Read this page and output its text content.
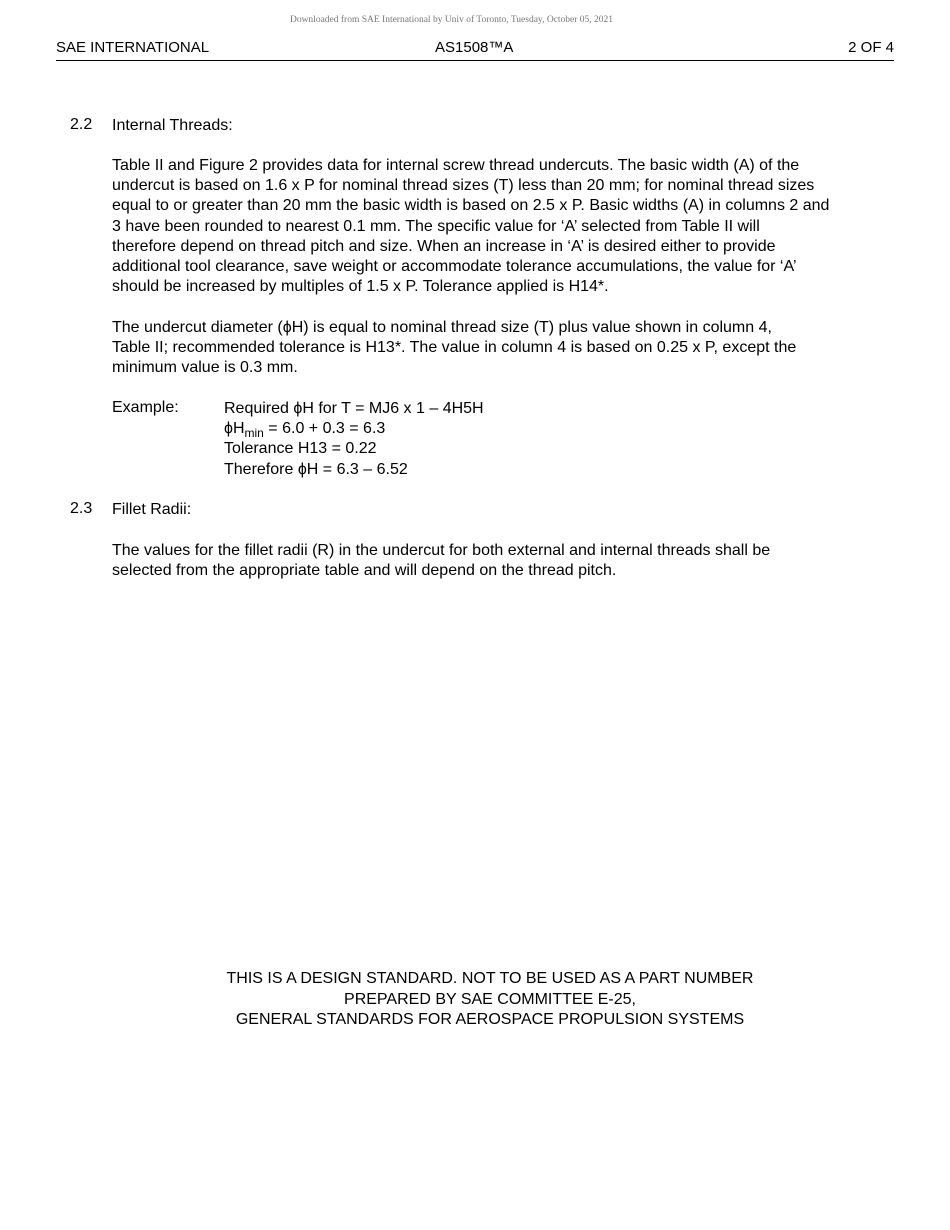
Downloaded from SAE International by Univ of Toronto, Tuesday, October 05, 2021
SAE INTERNATIONAL	AS1508™A	2 OF 4
2.2 Internal Threads:
Table II and Figure 2 provides data for internal screw thread undercuts. The basic width (A) of the
undercut is based on 1.6 x P for nominal thread sizes (T) less than 20 mm; for nominal thread sizes
equal to or greater than 20 mm the basic width is based on 2.5 x P. Basic widths (A) in columns 2 and
3 have been rounded to nearest 0.1 mm. The specific value for ‘A’ selected from Table II will
therefore depend on thread pitch and size. When an increase in ‘A’ is desired either to provide
additional tool clearance, save weight or accommodate tolerance accumulations, the value for ‘A’
should be increased by multiples of 1.5 x P. Tolerance applied is H14*.
The undercut diameter (ϕH) is equal to nominal thread size (T) plus value shown in column 4,
Table II; recommended tolerance is H13*. The value in column 4 is based on 0.25 x P, except the
minimum value is 0.3 mm.
Example:	Required ϕH for T = MJ6 x 1 – 4H5H
$\phi H_{min} = 6.0 + 0.3 = 6.3$
Tolerance H13 = 0.22
Therefore ϕH = 6.3 – 6.52
2.3 Fillet Radii:
The values for the fillet radii (R) in the undercut for both external and internal threads shall be
selected from the appropriate table and will depend on the thread pitch.
THIS IS A DESIGN STANDARD. NOT TO BE USED AS A PART NUMBER
PREPARED BY SAE COMMITTEE E-25,
GENERAL STANDARDS FOR AEROSPACE PROPULSION SYSTEMS
